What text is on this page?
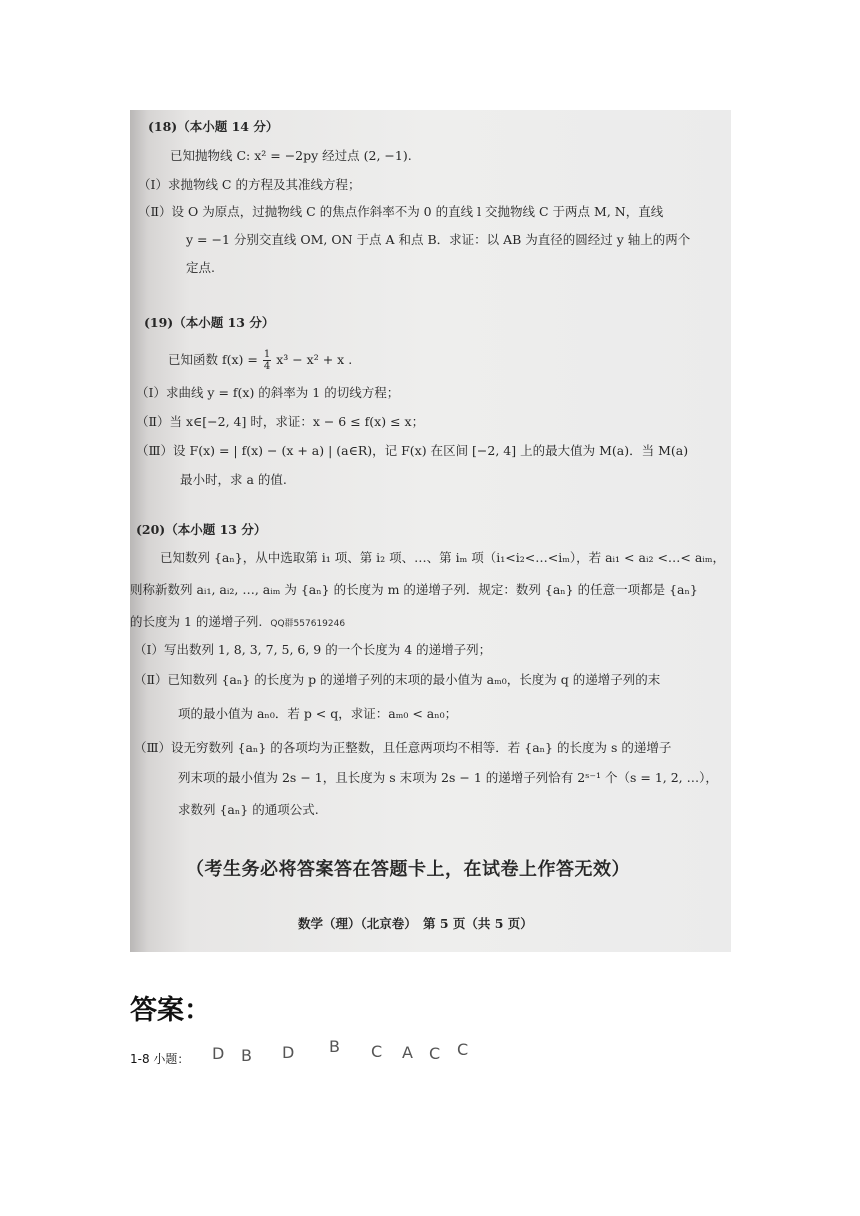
(18)（本小题 14 分）
已知抛物线 C: x² = −2py 经过点 (2, −1).
（Ⅰ）求抛物线 C 的方程及其准线方程；
（Ⅱ）设 O 为原点，过抛物线 C 的焦点作斜率不为 0 的直线 l 交抛物线 C 于两点 M, N，直线
y = −1 分别交直线 OM, ON 于点 A 和点 B．求证：以 AB 为直径的圆经过 y 轴上的两个
定点.
(19)（本小题 13 分）
已知函数 $f(x) = \frac{1}{4} x^3 - x^2 + x$ .
（Ⅰ）求曲线 y = f(x) 的斜率为 1 的切线方程；
（Ⅱ）当 x∈[−2, 4] 时，求证：x − 6 ≤ f(x) ≤ x；
（Ⅲ）设 F(x) = | f(x) − (x + a) | (a∈R)，记 F(x) 在区间 [−2, 4] 上的最大值为 M(a)．当 M(a)
最小时，求 a 的值.
(20)（本小题 13 分）
已知数列 {aₙ}，从中选取第 i₁ 项、第 i₂ 项、…、第 iₘ 项（i₁<i₂<…<iₘ），若 aᵢ₁ < aᵢ₂ <…< aᵢₘ，
则称新数列 aᵢ₁, aᵢ₂, …, aᵢₘ 为 {aₙ} 的长度为 m 的递增子列．规定：数列 {aₙ} 的任意一项都是 {aₙ}
的长度为 1 的递增子列. QQ群557619246
（Ⅰ）写出数列 1, 8, 3, 7, 5, 6, 9 的一个长度为 4 的递增子列；
（Ⅱ）已知数列 {aₙ} 的长度为 p 的递增子列的末项的最小值为 aₘ₀，长度为 q 的递增子列的末
项的最小值为 aₙ₀．若 p < q，求证：aₘ₀ < aₙ₀；
（Ⅲ）设无穷数列 {aₙ} 的各项均为正整数，且任意两项均不相等．若 {aₙ} 的长度为 s 的递增子
列末项的最小值为 2s − 1，且长度为 s 末项为 2s − 1 的递增子列恰有 2ˢ⁻¹ 个（s = 1, 2, …），
求数列 {aₙ} 的通项公式.
（考生务必将答案答在答题卡上，在试卷上作答无效）
数学（理）（北京卷）　第 5 页（共 5 页）
答案：
1-8 小题： D B D B C A C C
